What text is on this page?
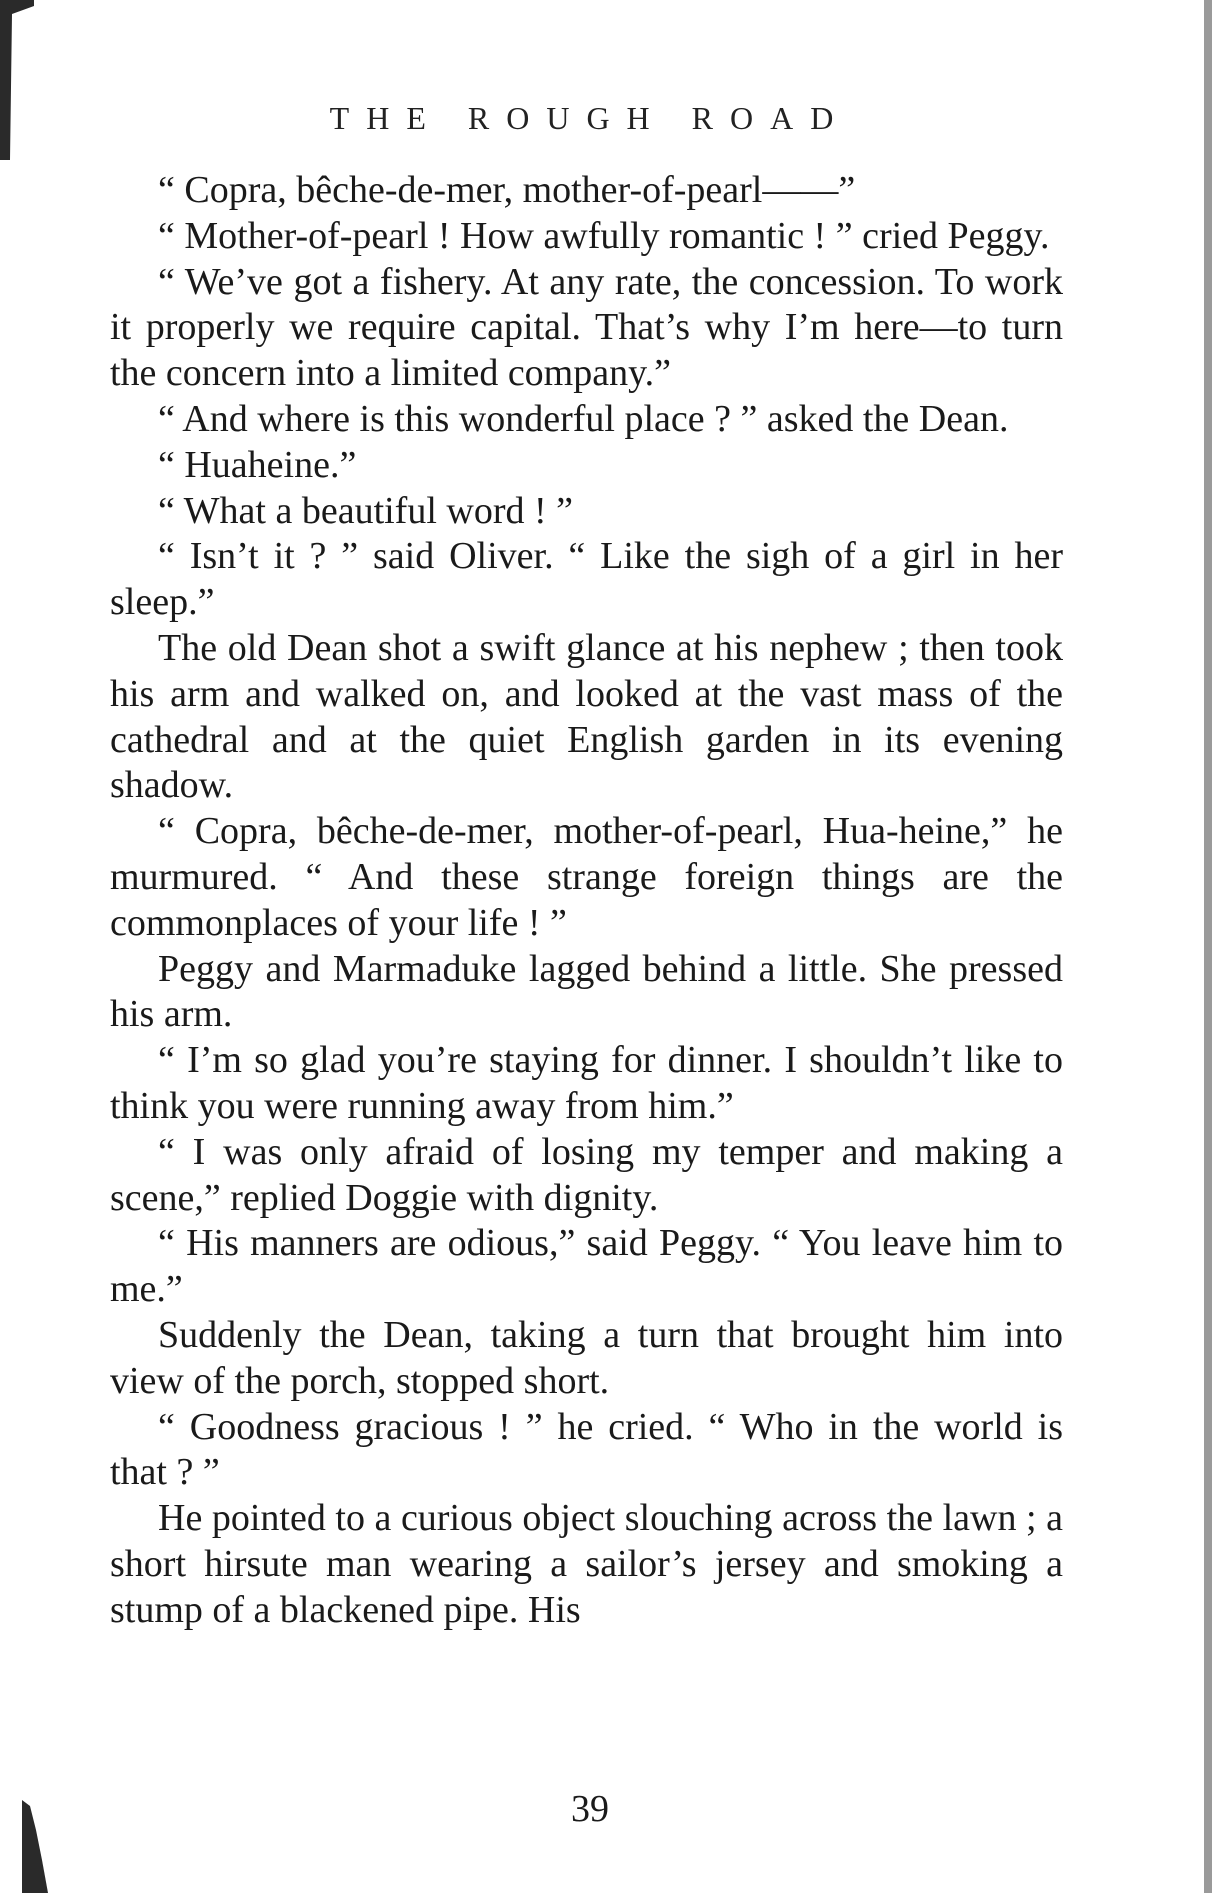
THE ROUGH ROAD

“ Copra, bêche-de-mer, mother-of-pearl——”

“ Mother-of-pearl ! How awfully romantic ! ” cried Peggy.

“ We’ve got a fishery. At any rate, the concession. To work it properly we require capital. That’s why I’m here—to turn the concern into a limited company.”

“ And where is this wonderful place ? ” asked the Dean.

“ Huaheine.”

“ What a beautiful word ! ”

“ Isn’t it ? ” said Oliver. “ Like the sigh of a girl in her sleep.”

The old Dean shot a swift glance at his nephew ; then took his arm and walked on, and looked at the vast mass of the cathedral and at the quiet English garden in its evening shadow.

“ Copra, bêche-de-mer, mother-of-pearl, Hua-heine,” he murmured. “ And these strange foreign things are the commonplaces of your life ! ”

Peggy and Marmaduke lagged behind a little. She pressed his arm.

“ I’m so glad you’re staying for dinner. I shouldn’t like to think you were running away from him.”

“ I was only afraid of losing my temper and making a scene,” replied Doggie with dignity.

“ His manners are odious,” said Peggy. “ You leave him to me.”

Suddenly the Dean, taking a turn that brought him into view of the porch, stopped short.

“ Goodness gracious ! ” he cried. “ Who in the world is that ? ”

He pointed to a curious object slouching across the lawn ; a short hirsute man wearing a sailor’s jersey and smoking a stump of a blackened pipe. His

39
